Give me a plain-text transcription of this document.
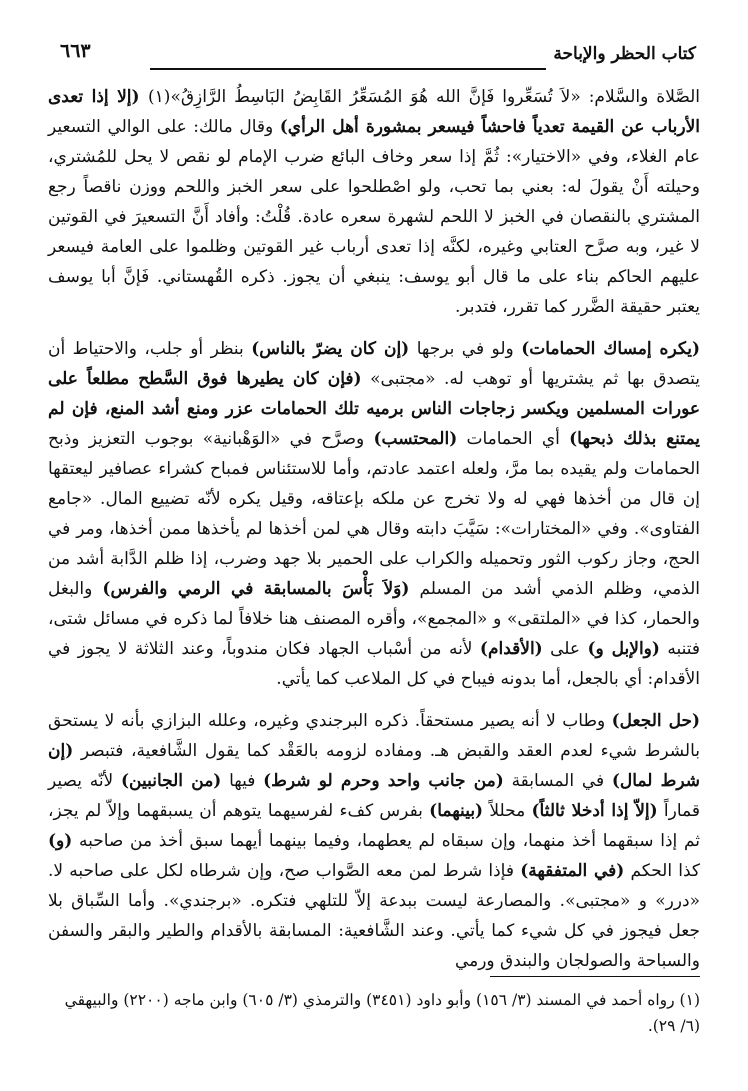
كتاب الحظر والإباحة
٦٦٣

الصَّلاة والسَّلام: «لاَ تُسَعِّروا فَإنَّ الله هُوَ المُسَعِّرُ القَابِضُ البَاسِطُ الرَّازِقُ»(١) (إلا إذا تعدى الأرباب عن القيمة تعدياً فاحشاً فيسعر بمشورة أهل الرأي) وقال مالك: على الوالي التسعير عام الغلاء، وفي «الاختيار»: ثُمَّ إذا سعر وخاف البائع ضرب الإمام لو نقص لا يحل للمُشتري، وحيلته أَنْ يقولَ له: بعني بما تحب، ولو اصْطلحوا على سعر الخبز واللحم ووزن ناقصاً رجع المشتري بالنقصان في الخبز لا اللحم لشهرة سعره عادة. قُلْتُ: وأفاد أَنَّ التسعيرَ في القوتين لا غير، وبه صرَّح العتابي وغيره، لكنَّه إذا تعدى أرباب غير القوتين وظلموا على العامة فيسعر عليهم الحاكم بناء على ما قال أبو يوسف: ينبغي أن يجوز. ذكره القُهستاني. فَإنَّ أبا يوسف يعتبر حقيقة الضَّرر كما تقرر، فتدبر.

(يكره إمساك الحمامات) ولو في برجها (إن كان يضرّ بالناس) بنظر أو جلب، والاحتياط أن يتصدق بها ثم يشتريها أو توهب له. «مجتبى» (فإن كان يطيرها فوق السَّطح مطلعاً على عورات المسلمين ويكسر زجاجات الناس برميه تلك الحمامات عزر ومنع أشد المنع، فإن لم يمتنع بذلك ذبحها) أي الحمامات (المحتسب) وصرَّح في «الوَهْبانية» بوجوب التعزيز وذبح الحمامات ولم يقيده بما مرَّ، ولعله اعتمد عادتم، وأما للاستئناس فمباح كشراء عصافير ليعتقها إن قال من أخذها فهي له ولا تخرج عن ملكه بإعتاقه، وقيل يكره لأنّه تضييع المال. «جامع الفتاوى». وفي «المختارات»: سَيَّبَ دابته وقال هي لمن أخذها لم يأخذها ممن أخذها، ومر في الحج، وجاز ركوب الثور وتحميله والكراب على الحمير بلا جهد وضرب، إذا ظلم الدَّابة أشد من الذمي، وظلم الذمي أشد من المسلم (وَلاَ بَأْسَ بالمسابقة في الرمي والفرس) والبغل والحمار، كذا في «الملتقى» و «المجمع»، وأقره المصنف هنا خلافاً لما ذكره في مسائل شتى، فتنبه (والإبل و) على (الأقدام) لأنه من أسْباب الجهاد فكان مندوباً، وعند الثلاثة لا يجوز في الأقدام: أي بالجعل، أما بدونه فيباح في كل الملاعب كما يأتي.

(حل الجعل) وطاب لا أنه يصير مستحقاً. ذكره البرجندي وغيره، وعلله البزازي بأنه لا يستحق بالشرط شيء لعدم العقد والقبض هـ. ومفاده لزومه بالعَقْد كما يقول الشَّافعية، فتبصر (إن شرط لمال) في المسابقة (من جانب واحد وحرم لو شرط) فيها (من الجانبين) لأنّه يصير قماراً (إلاّ إذا أدخلا ثالثاً) محللاً (بينهما) بفرس كفء لفرسيهما يتوهم أن يسبقهما وإلاّ لم يجز، ثم إذا سبقهما أخذ منهما، وإن سبقاه لم يعطهما، وفيما بينهما أيهما سبق أخذ من صاحبه (و) كذا الحكم (في المتفقهة) فإذا شرط لمن معه الصَّواب صح، وإن شرطاه لكل على صاحبه لا. «درر» و «مجتبى». والمصارعة ليست ببدعة إلاّ للتلهي فتكره. «برجندي». وأما السِّباق بلا جعل فيجوز في كل شيء كما يأتي. وعند الشَّافعية: المسابقة بالأقدام والطير والبقر والسفن والسباحة والصولجان والبندق ورمي

(١) رواه أحمد في المسند (٣/ ١٥٦) وأبو داود (٣٤٥١) والترمذي (٣/ ٦٠٥) وابن ماجه (٢٢٠٠) والبيهقي (٦/ ٢٩).
